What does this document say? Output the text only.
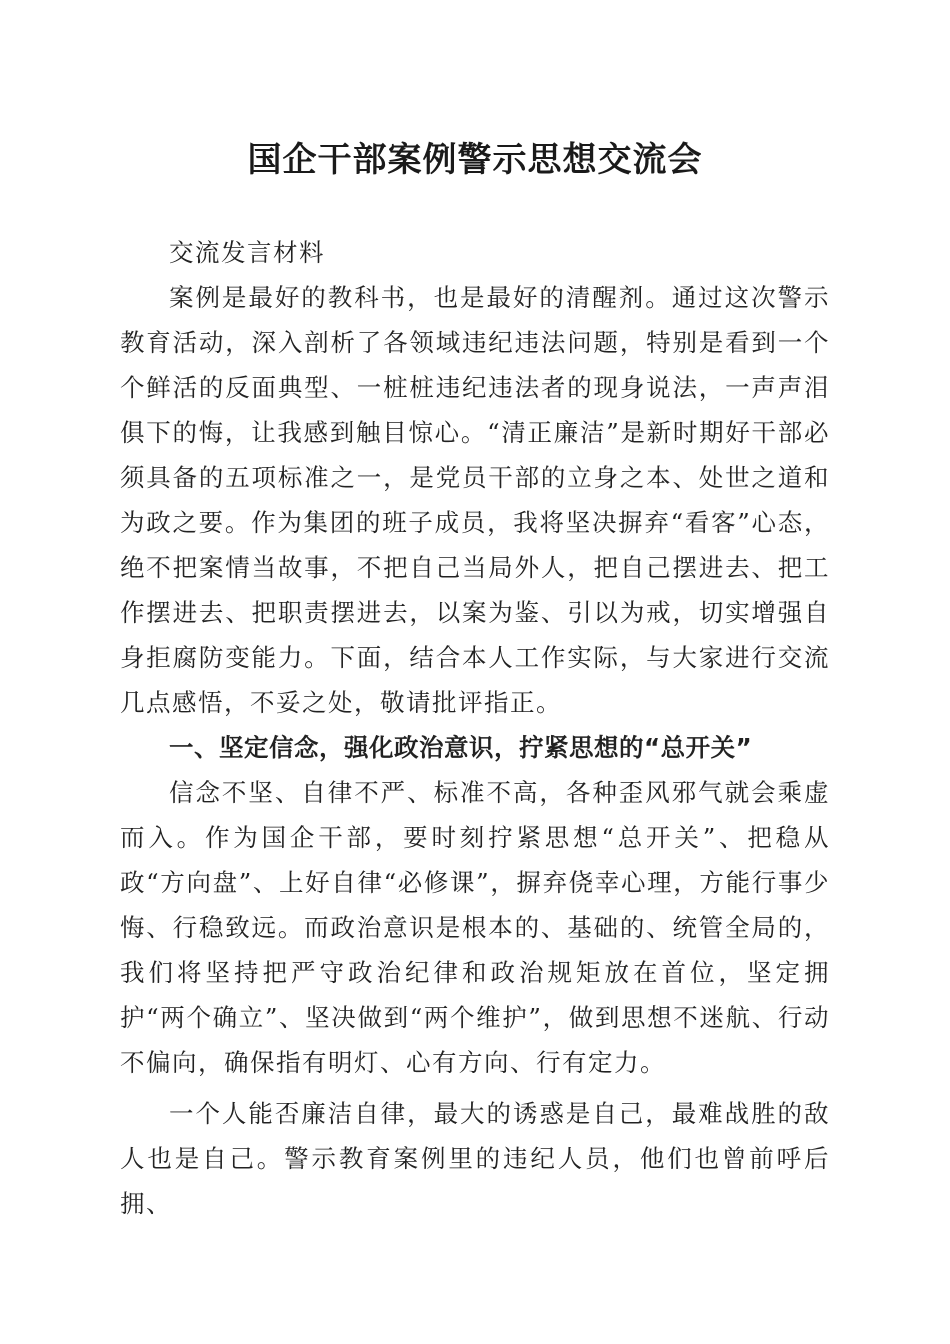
国企干部案例警示思想交流会

交流发言材料

案例是最好的教科书，也是最好的清醒剂。通过这次警示教育活动，深入剖析了各领域违纪违法问题，特别是看到一个个鲜活的反面典型、一桩桩违纪违法者的现身说法，一声声泪俱下的悔，让我感到触目惊心。“清正廉洁”是新时期好干部必须具备的五项标准之一，是党员干部的立身之本、处世之道和为政之要。作为集团的班子成员，我将坚决摒弃“看客”心态，绝不把案情当故事，不把自己当局外人，把自己摆进去、把工作摆进去、把职责摆进去，以案为鉴、引以为戒，切实增强自身拒腐防变能力。下面，结合本人工作实际，与大家进行交流几点感悟，不妥之处，敬请批评指正。

一、坚定信念，强化政治意识，拧紧思想的“总开关”

信念不坚、自律不严、标准不高，各种歪风邪气就会乘虚而入。作为国企干部，要时刻拧紧思想“总开关”、把稳从政“方向盘”、上好自律“必修课”，摒弃侥幸心理，方能行事少悔、行稳致远。而政治意识是根本的、基础的、统管全局的，我们将坚持把严守政治纪律和政治规矩放在首位，坚定拥护“两个确立”、坚决做到“两个维护”，做到思想不迷航、行动不偏向，确保指有明灯、心有方向、行有定力。

一个人能否廉洁自律，最大的诱惑是自己，最难战胜的敌人也是自己。警示教育案例里的违纪人员，他们也曾前呼后拥、
